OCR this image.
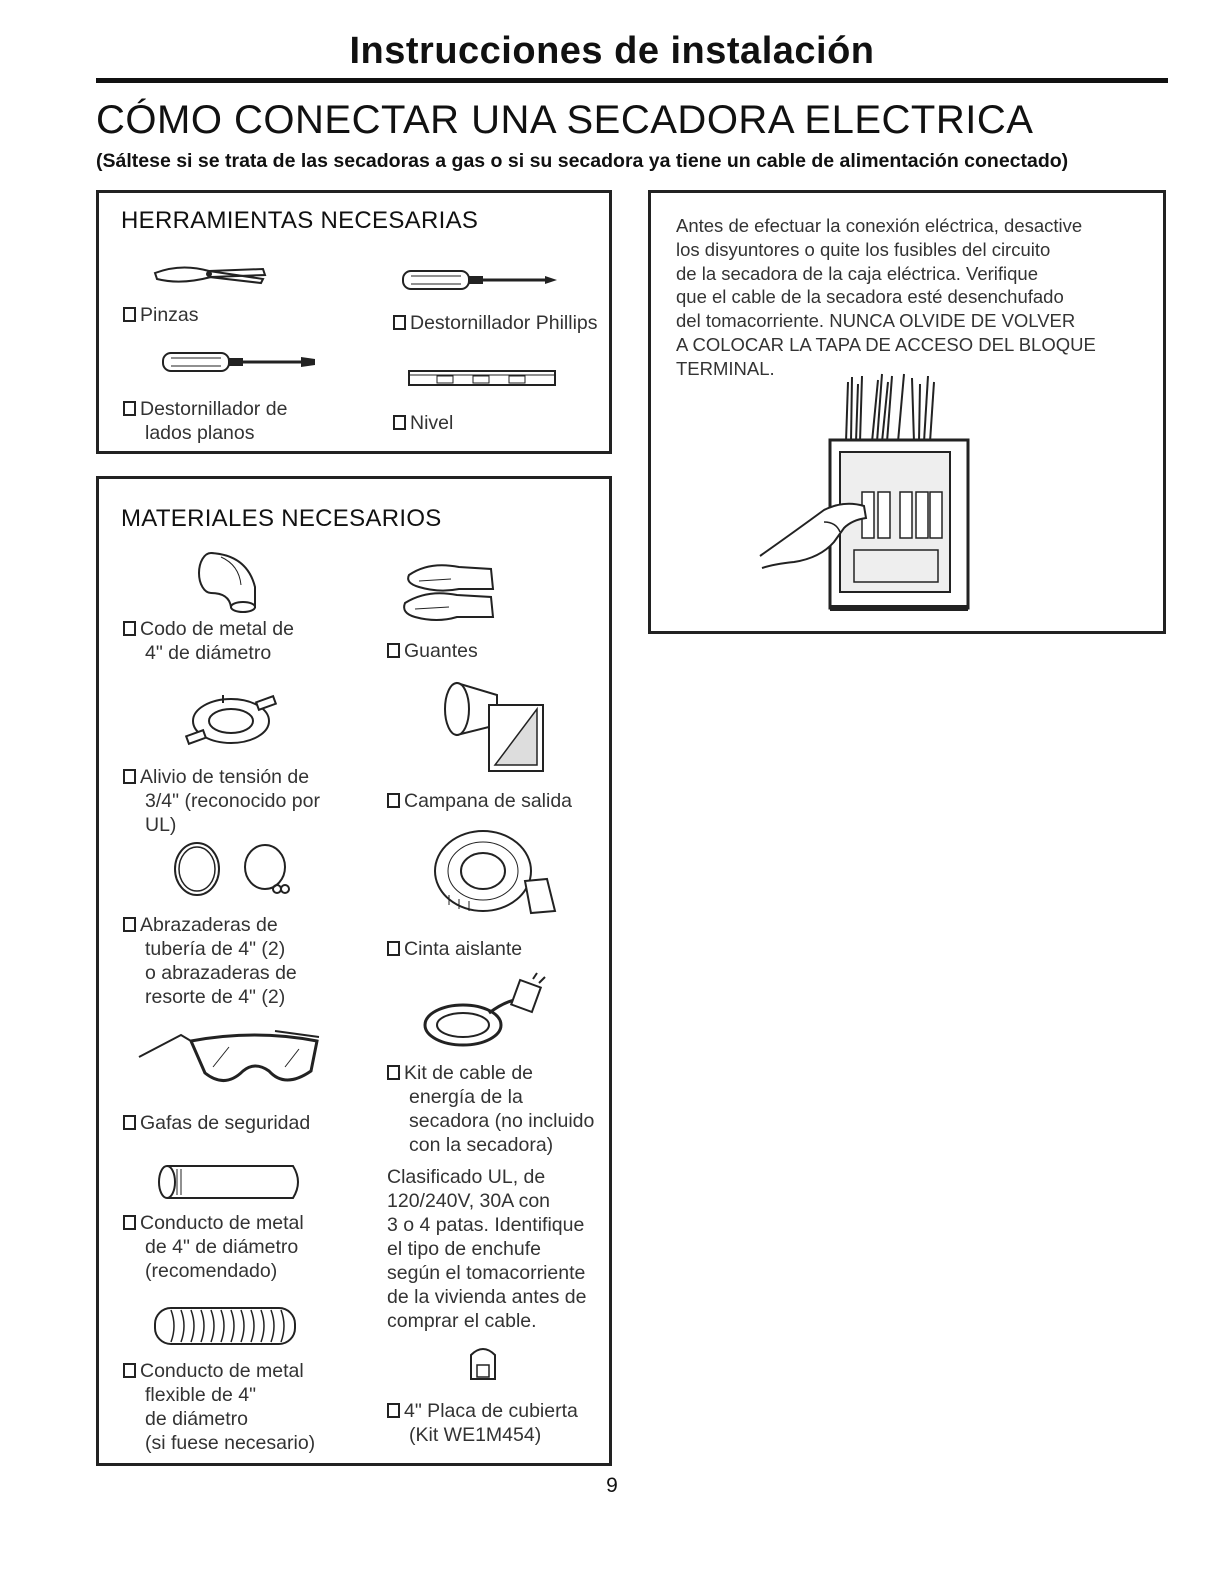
Instrucciones de instalación
CÓMO CONECTAR UNA SECADORA ELECTRICA
(Sáltese si se trata de las secadoras a gas o si su secadora ya tiene un cable de alimentación conectado)
HERRAMIENTAS NECESARIAS
Pinzas	Destornillador Phillips
Destornillador de
lados planos	Nivel
Antes de efectuar la conexión eléctrica, desactive
los disyuntores o quite los fusibles del circuito
de la secadora de la caja eléctrica. Verifique
que el cable de la secadora esté desenchufado
del tomacorriente. NUNCA OLVIDE DE VOLVER
A COLOCAR LA TAPA DE ACCESO DEL BLOQUE
TERMINAL.
MATERIALES NECESARIOS
Codo de metal de
4" de diámetro
Alivio de tensión de
3/4" (reconocido por
UL)
Abrazaderas de
tubería de 4" (2)
o abrazaderas de
resorte de 4" (2)
Gafas de seguridad
Conducto de metal
de 4" de diámetro
(recomendado)
Conducto de metal
flexible de 4"
de diámetro
(si fuese necesario)
Guantes
Campana de salida
Cinta aislante
Kit de cable de
energía de la
secadora (no incluido
con la secadora)
Clasificado UL, de
120/240V, 30A con
3 o 4 patas. Identifique
el tipo de enchufe
según el tomacorriente
de la vivienda antes de
comprar el cable.
4" Placa de cubierta
(Kit WE1M454)
9
